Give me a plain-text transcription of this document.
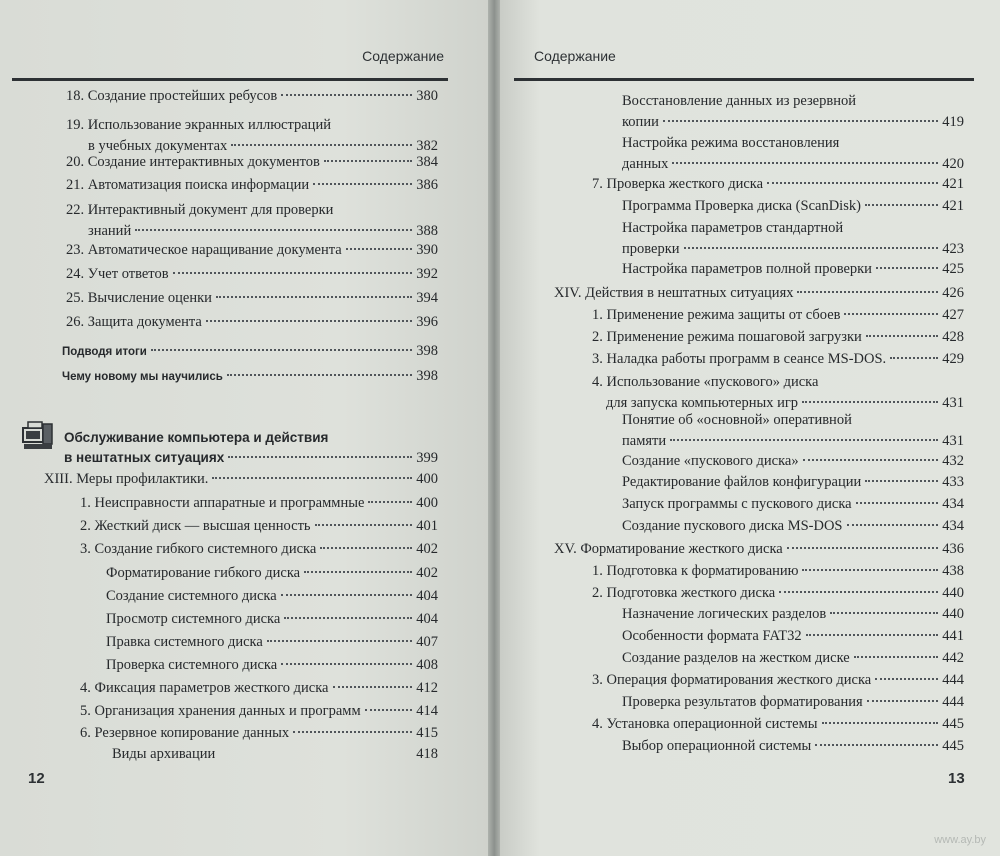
Содержание
18. Создание простейших ребусов	380
19. Использование экранных иллюстраций
в учебных документах	382
20. Создание интерактивных документов	384
21. Автоматизация поиска информации	386
22. Интерактивный документ для проверки
знаний	388
23. Автоматическое наращивание документа	390
24. Учет ответов	392
25. Вычисление оценки	394
26. Защита документа	396
Подводя итоги	398
Чему новому мы научились	398
Обслуживание компьютера и действия
в нештатных ситуациях	399
XIII. Меры профилактики.	400
1. Неисправности аппаратные и программные	400
2. Жесткий диск — высшая ценность	401
3. Создание гибкого системного диска	402
Форматирование гибкого диска	402
Создание системного диска	404
Просмотр системного диска	404
Правка системного диска	407
Проверка системного диска	408
4. Фиксация параметров жесткого диска	412
5. Организация хранения данных и программ	414
6. Резервное копирование данных	415
Виды архивации	418
12
Содержание
Восстановление данных из резервной
копии	419
Настройка режима восстановления
данных	420
7. Проверка жесткого диска	421
Программа Проверка диска (ScanDisk)	421
Настройка параметров стандартной
проверки	423
Настройка параметров полной проверки	425
XIV. Действия в нештатных ситуациях	426
1. Применение режима защиты от сбоев	427
2. Применение режима пошаговой загрузки	428
3. Наладка работы программ в сеансе MS-DOS.	429
4. Использование «пускового» диска
для запуска компьютерных игр	431
Понятие об «основной» оперативной
памяти	431
Создание «пускового диска»	432
Редактирование файлов конфигурации	433
Запуск программы с пускового диска	434
Создание пускового диска MS-DOS	434
XV. Форматирование жесткого диска	436
1. Подготовка к форматированию	438
2. Подготовка жесткого диска	440
Назначение логических разделов	440
Особенности формата FAT32	441
Создание разделов на жестком диске	442
3. Операция форматирования жесткого диска	444
Проверка результатов форматирования	444
4. Установка операционной системы	445
Выбор операционной системы	445
13
www.ay.by
